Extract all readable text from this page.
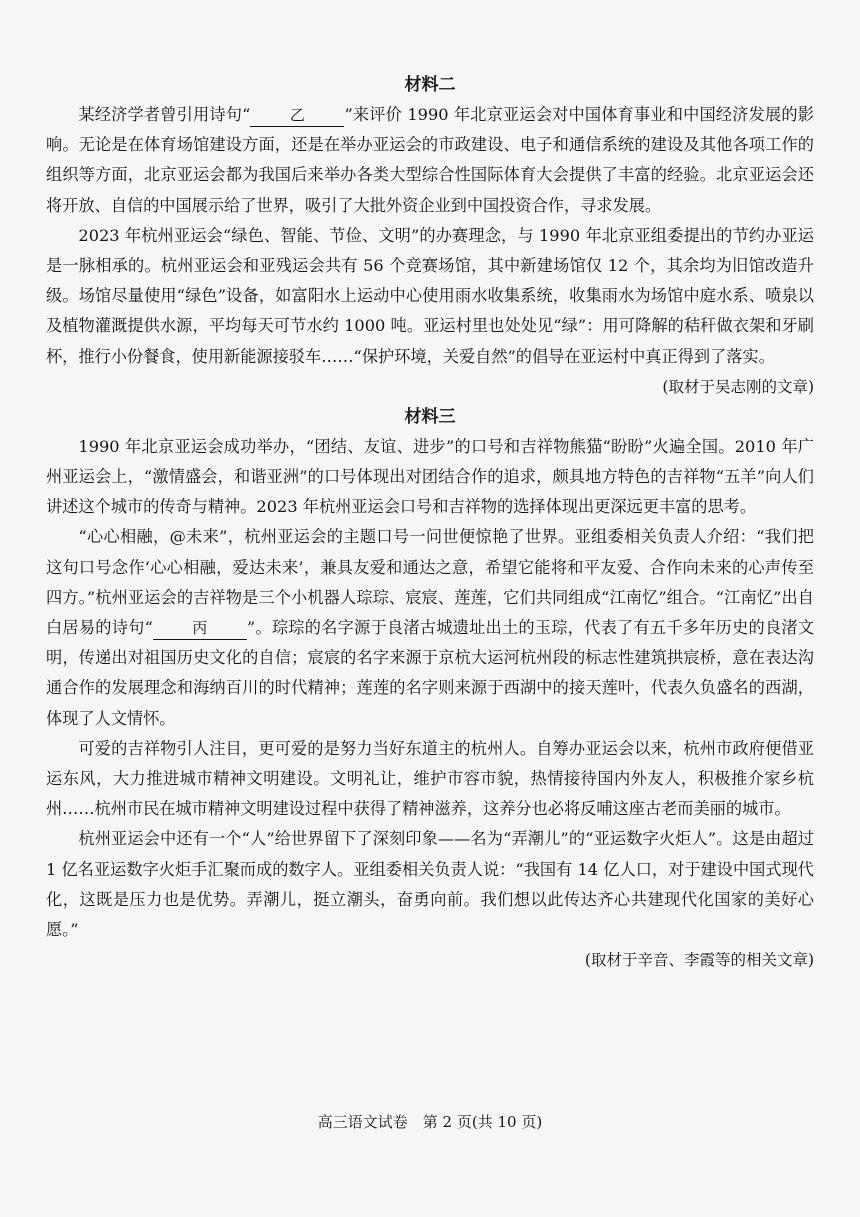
材料二

某经济学者曾引用诗句“	乙 ”来评价 1990 年北京亚运会对中国体育事业和中国经济发展的影响。无论是在体育场馆建设方面，还是在举办亚运会的市政建设、电子和通信系统的建设及其他各项工作的组织等方面，北京亚运会都为我国后来举办各类大型综合性国际体育大会提供了丰富的经验。北京亚运会还将开放、自信的中国展示给了世界，吸引了大批外资企业到中国投资合作，寻求发展。

2023 年杭州亚运会“绿色、智能、节俭、文明”的办赛理念，与 1990 年北京亚组委提出的节约办亚运是一脉相承的。杭州亚运会和亚残运会共有 56 个竞赛场馆，其中新建场馆仅 12 个，其余均为旧馆改造升级。场馆尽量使用“绿色”设备，如富阳水上运动中心使用雨水收集系统，收集雨水为场馆中庭水系、喷泉以及植物灌溉提供水源，平均每天可节水约 1000 吨。亚运村里也处处见“绿”：用可降解的秸秆做衣架和牙刷杯，推行小份餐食，使用新能源接驳车……“保护环境，关爱自然”的倡导在亚运村中真正得到了落实。

(取材于吴志刚的文章)

材料三

1990 年北京亚运会成功举办，“团结、友谊、进步”的口号和吉祥物熊猫“盼盼”火遍全国。2010 年广州亚运会上，“激情盛会，和谐亚洲”的口号体现出对团结合作的追求，颇具地方特色的吉祥物“五羊”向人们讲述这个城市的传奇与精神。2023 年杭州亚运会口号和吉祥物的选择体现出更深远更丰富的思考。

“心心相融，@未来”，杭州亚运会的主题口号一问世便惊艳了世界。亚组委相关负责人介绍：“我们把这句口号念作‘心心相融，爱达未来’，兼具友爱和通达之意，希望它能将和平友爱、合作向未来的心声传至四方。”杭州亚运会的吉祥物是三个小机器人琮琮、宸宸、莲莲，它们共同组成“江南忆”组合。“江南忆”出自白居易的诗句“	丙 ”。琮琮的名字源于良渚古城遗址出土的玉琮，代表了有五千多年历史的良渚文明，传递出对祖国历史文化的自信；宸宸的名字来源于京杭大运河杭州段的标志性建筑拱宸桥，意在表达沟通合作的发展理念和海纳百川的时代精神；莲莲的名字则来源于西湖中的接天莲叶，代表久负盛名的西湖，体现了人文情怀。

可爱的吉祥物引人注目，更可爱的是努力当好东道主的杭州人。自筹办亚运会以来，杭州市政府便借亚运东风，大力推进城市精神文明建设。文明礼让，维护市容市貌，热情接待国内外友人，积极推介家乡杭州……杭州市民在城市精神文明建设过程中获得了精神滋养，这养分也必将反哺这座古老而美丽的城市。

杭州亚运会中还有一个“人”给世界留下了深刻印象——名为“弄潮儿”的“亚运数字火炬人”。这是由超过 1 亿名亚运数字火炬手汇聚而成的数字人。亚组委相关负责人说：“我国有 14 亿人口，对于建设中国式现代化，这既是压力也是优势。弄潮儿，挺立潮头，奋勇向前。我们想以此传达齐心共建现代化国家的美好心愿。”

(取材于辛音、李霞等的相关文章)

高三语文试卷　第 2 页(共 10 页)
